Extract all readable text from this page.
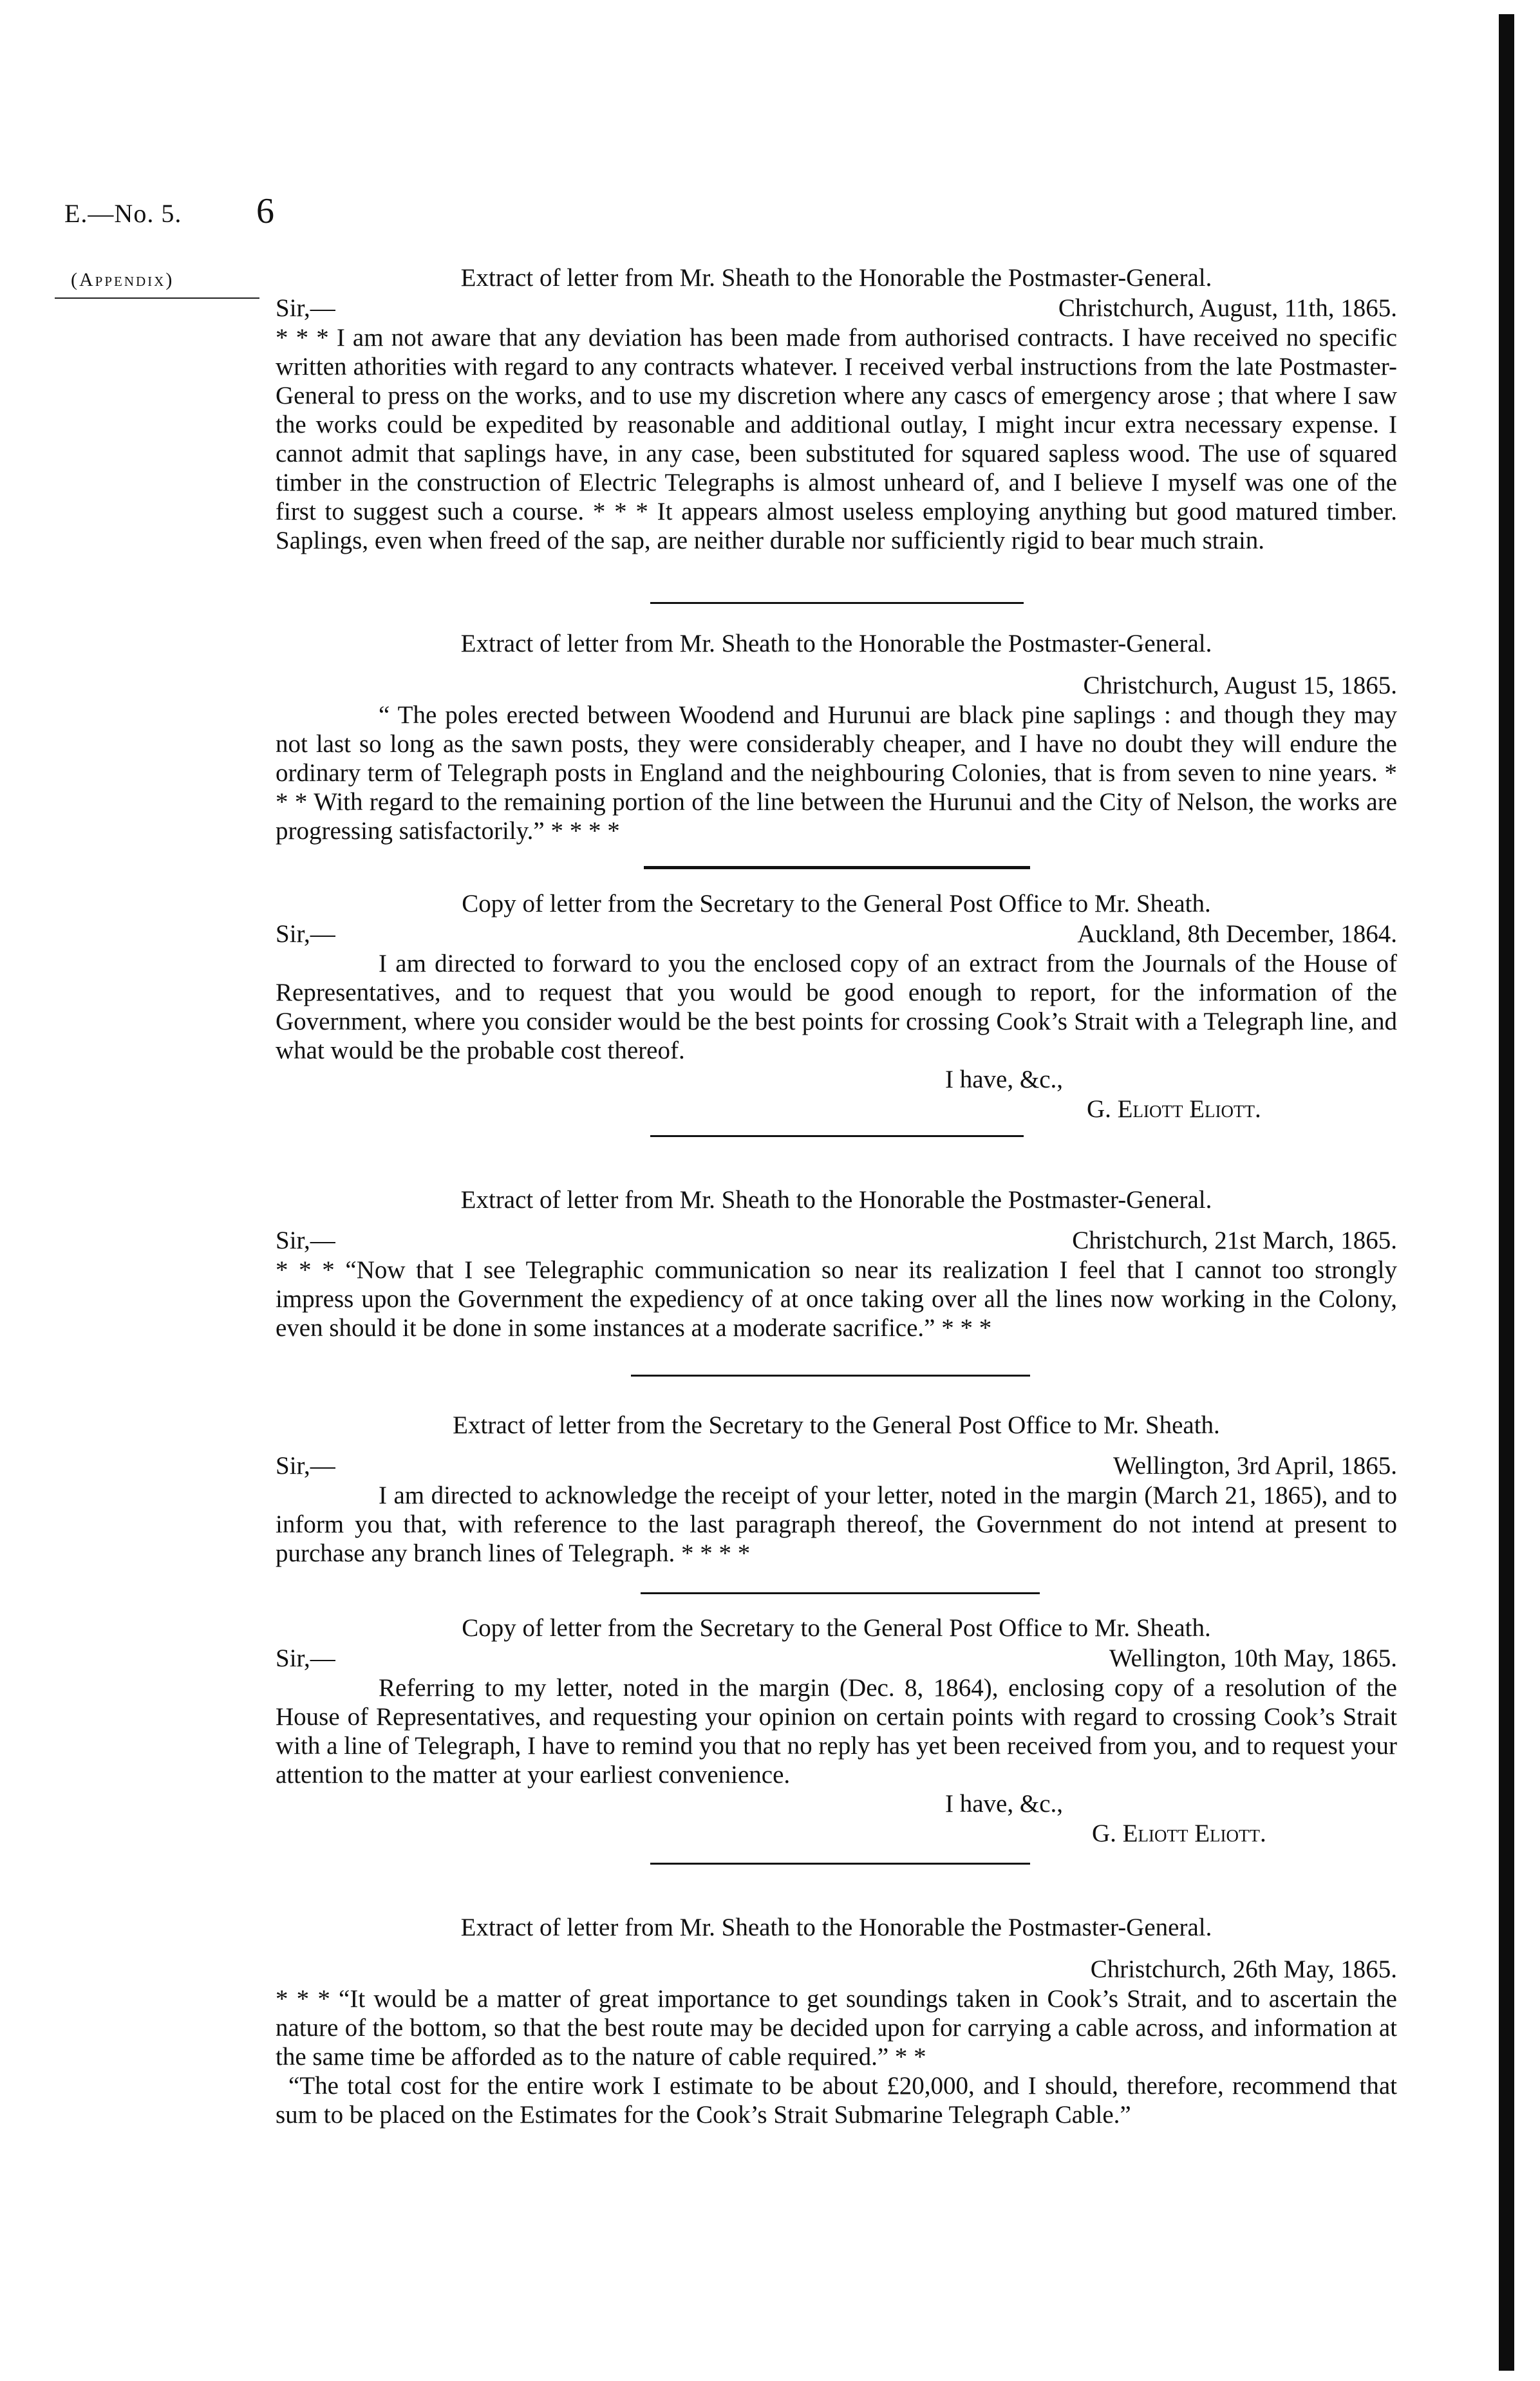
E.—No. 5. 6
(Appendix)	Extract of letter from Mr. Sheath to the Honorable the Postmaster-General.
Sir,—	Christchurch, August, 11th, 1865.

* * * I am not aware that any deviation has been made from authorised contracts. I have received no specific written athorities with regard to any contracts whatever. I received verbal instructions from the late Postmaster-General to press on the works, and to use my discretion where any cascs of emergency arose ; that where I saw the works could be expedited by reasonable and additional outlay, I might incur extra necessary expense. I cannot admit that saplings have, in any case, been substituted for squared sapless wood. The use of squared timber in the construction of Electric Telegraphs is almost unheard of, and I believe I myself was one of the first to suggest such a course. * * * It appears almost useless employing anything but good matured timber. Saplings, even when freed of the sap, are neither durable nor sufficiently rigid to bear much strain.

Extract of letter from Mr. Sheath to the Honorable the Postmaster-General.
Christchurch, August 15, 1865.

“ The poles erected between Woodend and Hurunui are black pine saplings : and though they may not last so long as the sawn posts, they were considerably cheaper, and I have no doubt they will endure the ordinary term of Telegraph posts in England and the neighbouring Colonies, that is from seven to nine years. * * * With regard to the remaining portion of the line between the Hurunui and the City of Nelson, the works are progressing satisfactorily.” * * * *

Copy of letter from the Secretary to the General Post Office to Mr. Sheath.
Sir,—	Auckland, 8th December, 1864.

I am directed to forward to you the enclosed copy of an extract from the Journals of the House of Representatives, and to request that you would be good enough to report, for the information of the Government, where you consider would be the best points for crossing Cook’s Strait with a Telegraph line, and what would be the probable cost thereof.

I have, &c.,
G. Eliott Eliott.
Extract of letter from Mr. Sheath to the Honorable the Postmaster-General.
Sir,—	Christchurch, 21st March, 1865.

* * * “Now that I see Telegraphic communication so near its realization I feel that I cannot too strongly impress upon the Government the expediency of at once taking over all the lines now working in the Colony, even should it be done in some instances at a moderate sacrifice.” * * *

Extract of letter from the Secretary to the General Post Office to Mr. Sheath.
Sir,—	Wellington, 3rd April, 1865.

I am directed to acknowledge the receipt of your letter, noted in the margin (March 21, 1865), and to inform you that, with reference to the last paragraph thereof, the Government do not intend at present to purchase any branch lines of Telegraph. * * * *

Copy of letter from the Secretary to the General Post Office to Mr. Sheath.
Sir,—	Wellington, 10th May, 1865.

Referring to my letter, noted in the margin (Dec. 8, 1864), enclosing copy of a resolution of the House of Representatives, and requesting your opinion on certain points with regard to crossing Cook’s Strait with a line of Telegraph, I have to remind you that no reply has yet been received from you, and to request your attention to the matter at your earliest convenience.

I have, &c.,
G. Eliott Eliott.
Extract of letter from Mr. Sheath to the Honorable the Postmaster-General.
Christchurch, 26th May, 1865.

* * * “It would be a matter of great importance to get soundings taken in Cook’s Strait, and to ascertain the nature of the bottom, so that the best route may be decided upon for carrying a cable across, and information at the same time be afforded as to the nature of cable required.” * *

“The total cost for the entire work I estimate to be about £20,000, and I should, therefore, recommend that sum to be placed on the Estimates for the Cook’s Strait Submarine Telegraph Cable.”
